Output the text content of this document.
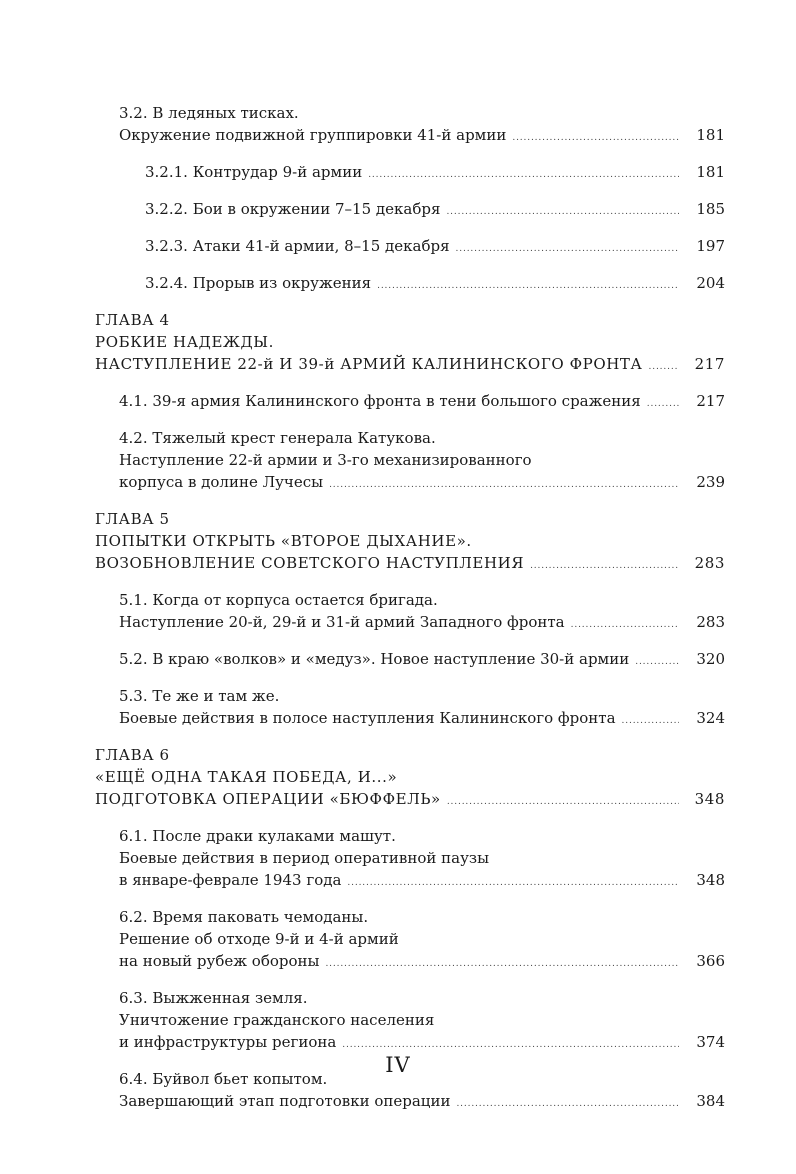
3.2. В ледяных тисках.
Окружение подвижной группировки 41-й армии . . .	181
3.2.1. Контрудар 9-й армии . . .	181
3.2.2. Бои в окружении 7–15 декабря . . .	185
3.2.3. Атаки 41-й армии, 8–15 декабря . . .	197
3.2.4. Прорыв из окружения . . .	204
ГЛАВА 4
РОБКИЕ НАДЕЖДЫ.
НАСТУПЛЕНИЕ 22-й И 39-й АРМИЙ КАЛИНИНСКОГО ФРОНТА . . .	217
4.1. 39-я армия Калининского фронта в тени большого сражения . . .	217
4.2. Тяжелый крест генерала Катукова.
Наступление 22-й армии и 3-го механизированного
корпуса в долине Лучесы . . .	239
ГЛАВА 5
ПОПЫТКИ ОТКРЫТЬ «ВТОРОЕ ДЫХАНИЕ».
ВОЗОБНОВЛЕНИЕ СОВЕТСКОГО НАСТУПЛЕНИЯ . . .	283
5.1. Когда от корпуса остается бригада.
Наступление 20-й, 29-й и 31-й армий Западного фронта . . .	283
5.2. В краю «волков» и «медуз». Новое наступление 30-й армии . . .	320
5.3. Те же и там же.
Боевые действия в полосе наступления Калининского фронта . . .	324
ГЛАВА 6
«ЕЩЁ ОДНА ТАКАЯ ПОБЕДА, И...»
ПОДГОТОВКА ОПЕРАЦИИ «БЮФФЕЛЬ» . . .	348
6.1. После драки кулаками машут.
Боевые действия в период оперативной паузы
в январе-феврале 1943 года . . .	348
6.2. Время паковать чемоданы.
Решение об отходе 9-й и 4-й армий
на новый рубеж обороны . . .	366
6.3. Выжженная земля.
Уничтожение гражданского населения
и инфраструктуры региона . . .	374
6.4. Буйвол бьет копытом.
Завершающий этап подготовки операции . . .	384
IV
